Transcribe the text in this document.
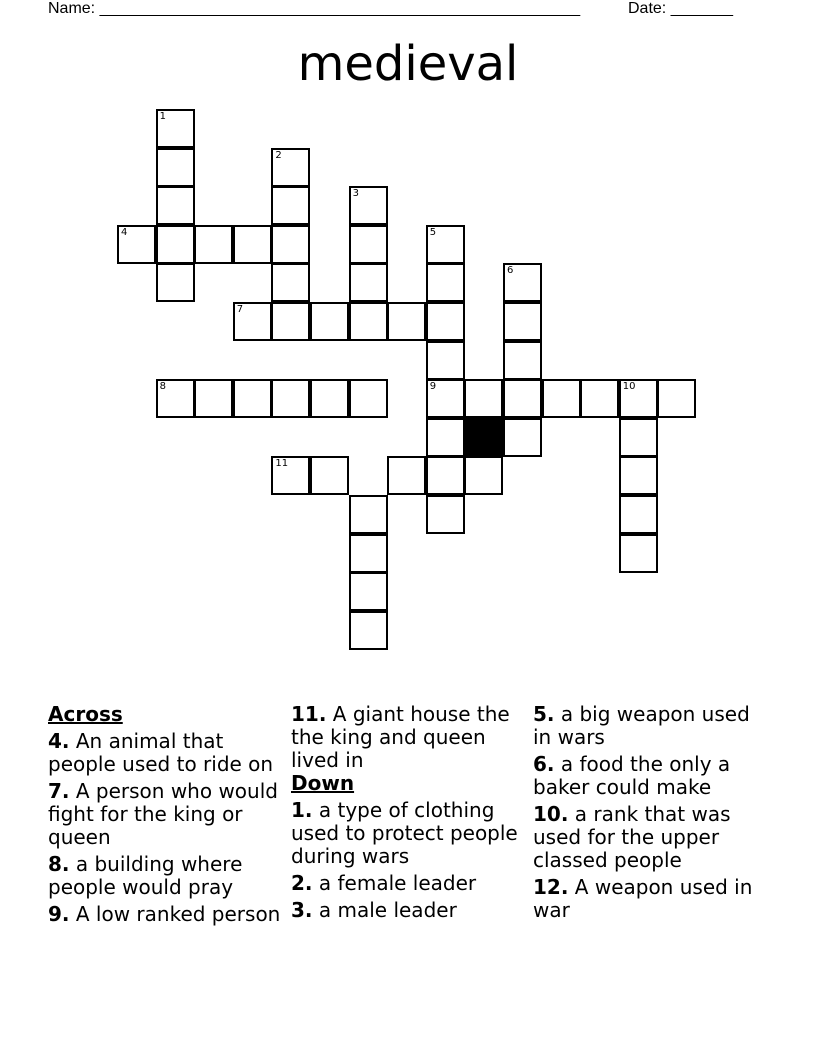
Name: ______________________________________________________	Date: _______
medieval
1
2
3
4	5
9
6
7
8	10
11
Across
4. An animal that people used to ride on
7. A person who would fight for the king or queen
8. a building where people would pray
9. A low ranked person
11. A giant house the the king and queen lived in
Down
1. a type of clothing used to protect people during wars
2. a female leader
3. a male leader
5. a big weapon used in wars
6. a food the only a baker could make
10. a rank that was used for the upper classed people
12. A weapon used in war
